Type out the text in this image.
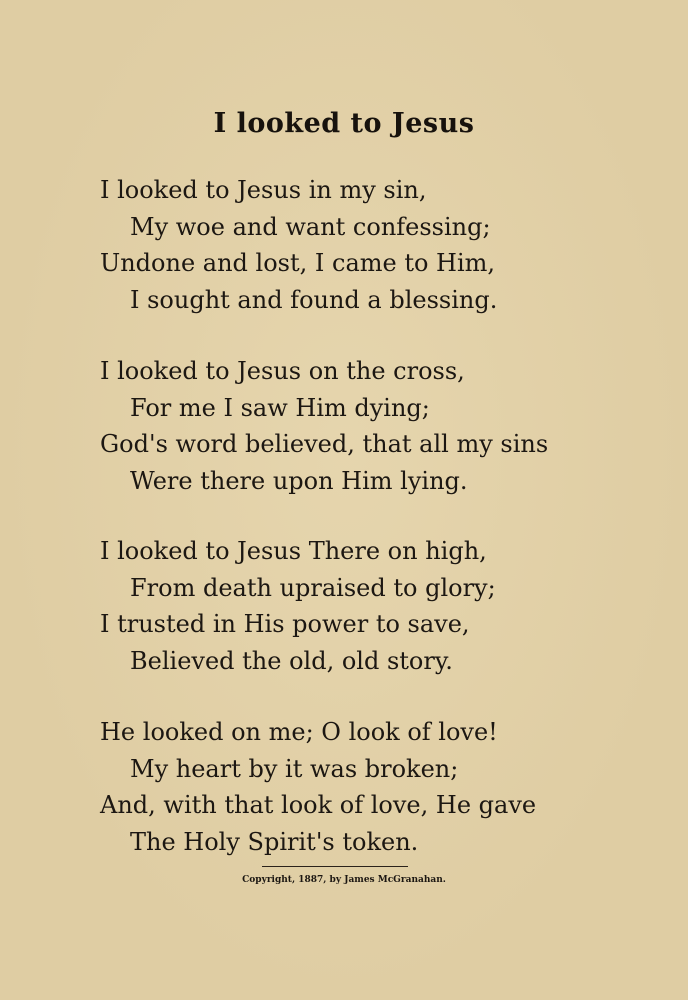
I looked to Jesus
I looked to Jesus in my sin,
My woe and want confessing;
Undone and lost, I came to Him,
I sought and found a blessing.
I looked to Jesus on the cross,
For me I saw Him dying;
God's word believed, that all my sins
Were there upon Him lying.
I looked to Jesus There on high,
From death upraised to glory;
I trusted in His power to save,
Believed the old, old story.
He looked on me; O look of love!
My heart by it was broken;
And, with that look of love, He gave
The Holy Spirit's token.
Copyright, 1887, by James McGranahan.
